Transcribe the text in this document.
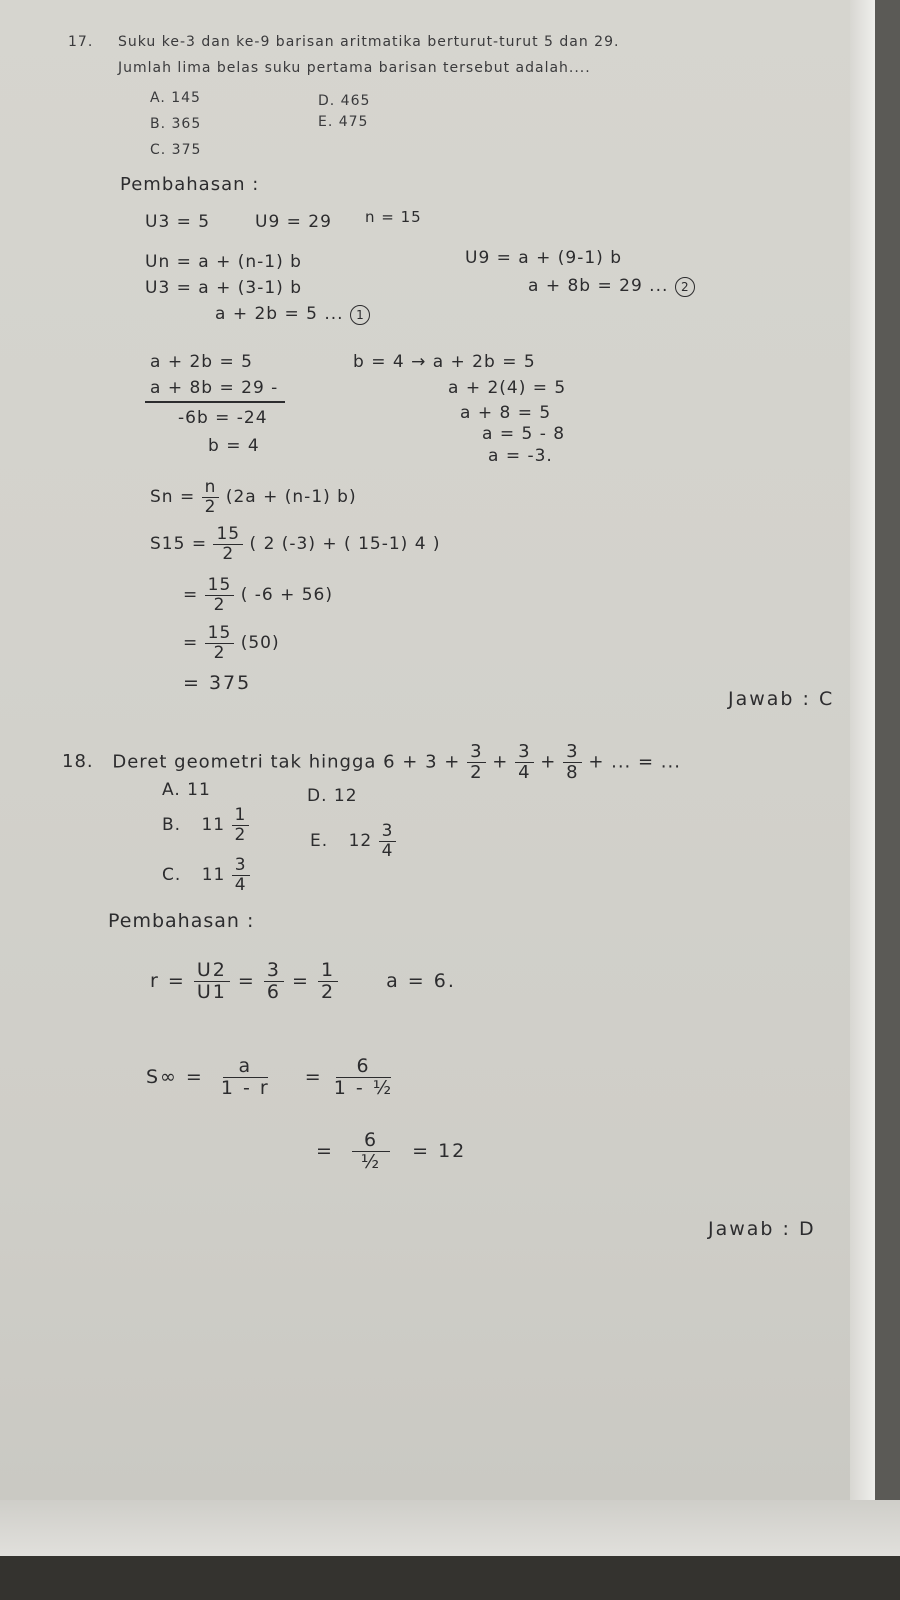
17. Suku ke-3 dan ke-9 barisan aritmatika berturut-turut 5 dan 29.
Jumlah lima belas suku pertama barisan tersebut adalah....
A. 145	D. 465
B. 365	E. 475
C. 375
Pembahasan :
U3 = 5	U9 = 29 n = 15
Un = a + (n-1) b
U3 = a + (3-1) b
a + 2b = 5 ... 1
U9 = a + (9-1) b
a + 8b = 29 ... 2
a + 2b = 5
a + 8b = 29 -
-6b = -24
b = 4
b = 4 → a + 2b = 5
a + 2(4) = 5
a + 8 = 5
a = 5 - 8
a = -3.
$Sn = \frac{n}{2} (2a + (n-1)$ b)
$S15 = \frac{15}{2}$ ( 2 (-3) + ( 15-1) 4 )
= $\frac{15}{2}$ ( -6 + 56)
= $\frac{15}{2} (50)$
= 375
Jawab : C
18. Deret geometri tak hingga $6 + 3 + \frac{3}{2} + \frac{3}{4} + \frac{3}{8}$ + ... = ...
A. 11	D. 12
B. $11 \frac{1}{2}$	E. $12 \frac{3}{4}$
C. $11 \frac{3}{4}$
Pembahasan :
$r = \frac{U2}{U1} = \frac{3}{6} = \frac{1}{2}$	a = 6.
$S\infty = \frac{a}{1 - r} = \frac{6}{\text{1 - ½}}$
= $\frac{6}{\text{½}} = 12$
Jawab : D
